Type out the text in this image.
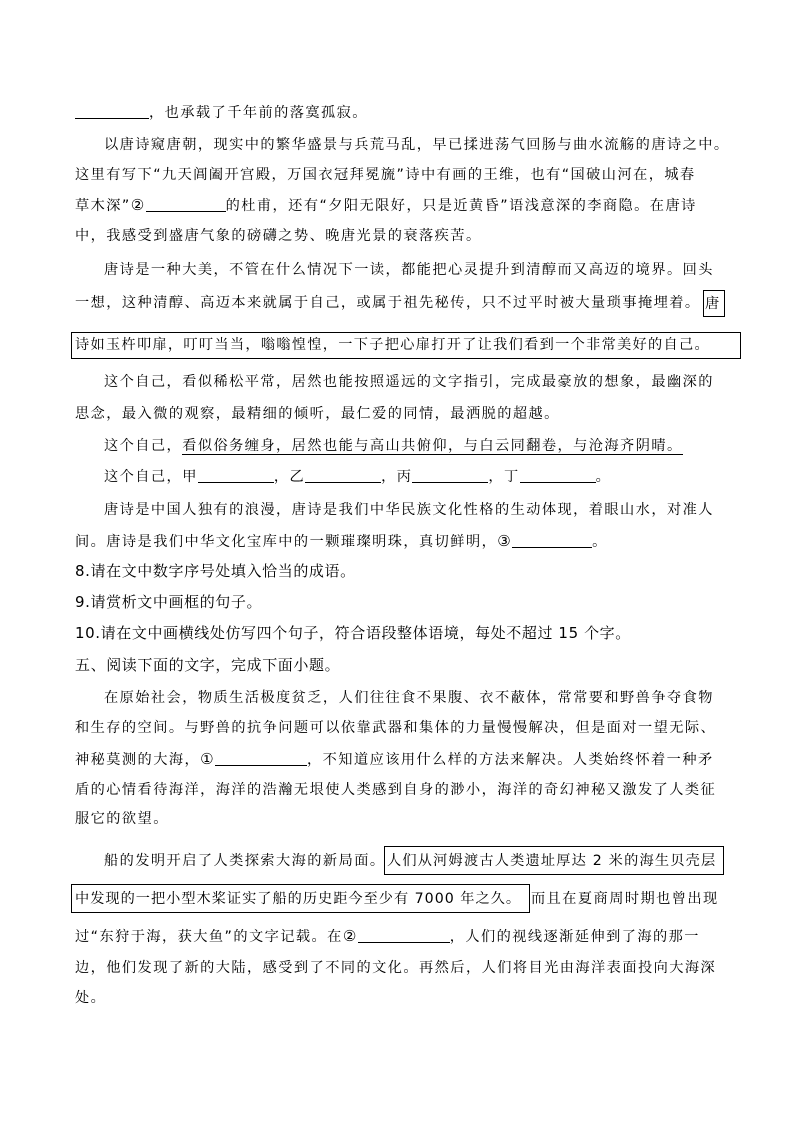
，也承载了千年前的落寞孤寂。
以唐诗窥唐朝，现实中的繁华盛景与兵荒马乱，早已揉进荡气回肠与曲水流觞的唐诗之中。
这里有写下“九天阊阖开宫殿，万国衣冠拜冕旒”诗中有画的王维，也有“国破山河在，城春
草木深”②	的杜甫，还有“夕阳无限好，只是近黄昏”语浅意深的李商隐。在唐诗
中，我感受到盛唐气象的磅礴之势、晚唐光景的衰落疾苦。
唐诗是一种大美，不管在什么情况下一读，都能把心灵提升到清醇而又高迈的境界。回头
一想，这种清醇、高迈本来就属于自己，或属于祖先秘传，只不过平时被大量琐事掩埋着。 唐
诗如玉杵叩扉，叮叮当当，嗡嗡惶惶，一下子把心扉打开了让我们看到一个非常美好的自己。
这个自己，看似稀松平常，居然也能按照遥远的文字指引，完成最豪放的想象，最幽深的
思念，最入微的观察，最精细的倾听，最仁爱的同情，最洒脱的超越。
这个自己，看似俗务缠身，居然也能与高山共俯仰，与白云同翻卷，与沧海齐阴晴。
这个自己，甲	，乙	，丙	，丁	。
唐诗是中国人独有的浪漫，唐诗是我们中华民族文化性格的生动体现，着眼山水，对准人
间。唐诗是我们中华文化宝库中的一颗璀璨明珠，真切鲜明，③	。
8.请在文中数字序号处填入恰当的成语。
9.请赏析文中画框的句子。
10.请在文中画横线处仿写四个句子，符合语段整体语境，每处不超过 15 个字。
五、阅读下面的文字，完成下面小题。
在原始社会，物质生活极度贫乏，人们往往食不果腹、衣不蔽体，常常要和野兽争夺食物
和生存的空间。与野兽的抗争问题可以依靠武器和集体的力量慢慢解决，但是面对一望无际、
神秘莫测的大海，①	，不知道应该用什么样的方法来解决。人类始终怀着一种矛
盾的心情看待海洋，海洋的浩瀚无垠使人类感到自身的渺小，海洋的奇幻神秘又激发了人类征
服它的欲望。
船的发明开启了人类探索大海的新局面。 人们从河姆渡古人类遗址厚达 2 米的海生贝壳层
中发现的一把小型木桨证实了船的历史距今至少有 7000 年之久。 而且在夏商周时期也曾出现
过“东狩于海，获大鱼”的文字记载。在②	，人们的视线逐渐延伸到了海的那一
边，他们发现了新的大陆，感受到了不同的文化。再然后，人们将目光由海洋表面投向大海深
处。
